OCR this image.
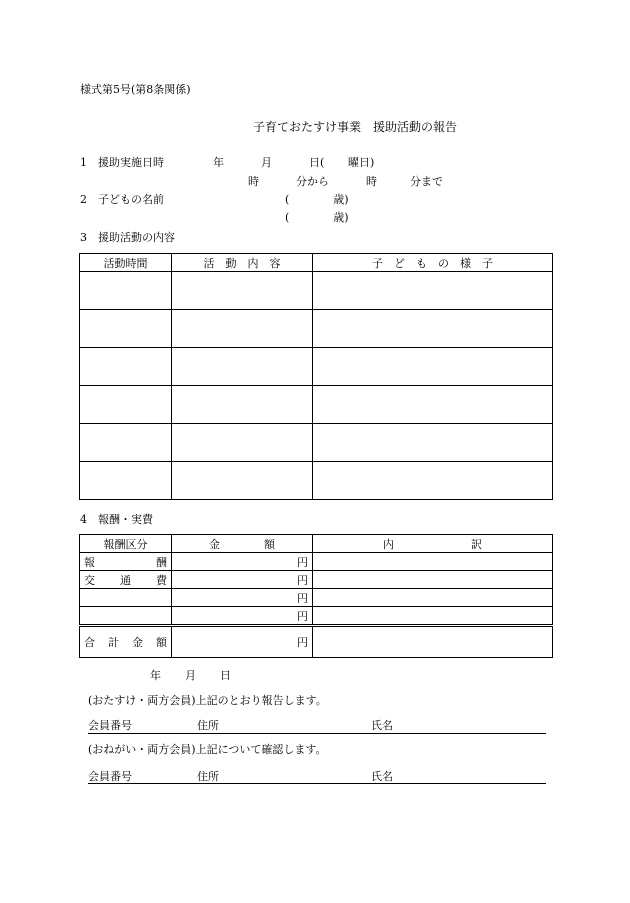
様式第5号(第8条関係)
子育ておたすけ事業　援助活動の報告
1　援助実施日時	年	月	日( 曜日)
時	分から	時	分まで
2　子どもの名前	(　　　　歳)
(　　　　歳)
3　援助活動の内容
活動時間	活　動　内　容	子　ど　も　の　様　子

4　報酬・実費
報酬区分	金　　　　額	内　　　　　　　訳
報　　　酬	円	
交　通　費	円	
	円	
	円	
合　計　金　額	円	
年 月 日
(おたすけ・両方会員)上記のとおり報告します。
会員番号	住所	氏名
(おねがい・両方会員)上記について確認します。
会員番号	住所	氏名
